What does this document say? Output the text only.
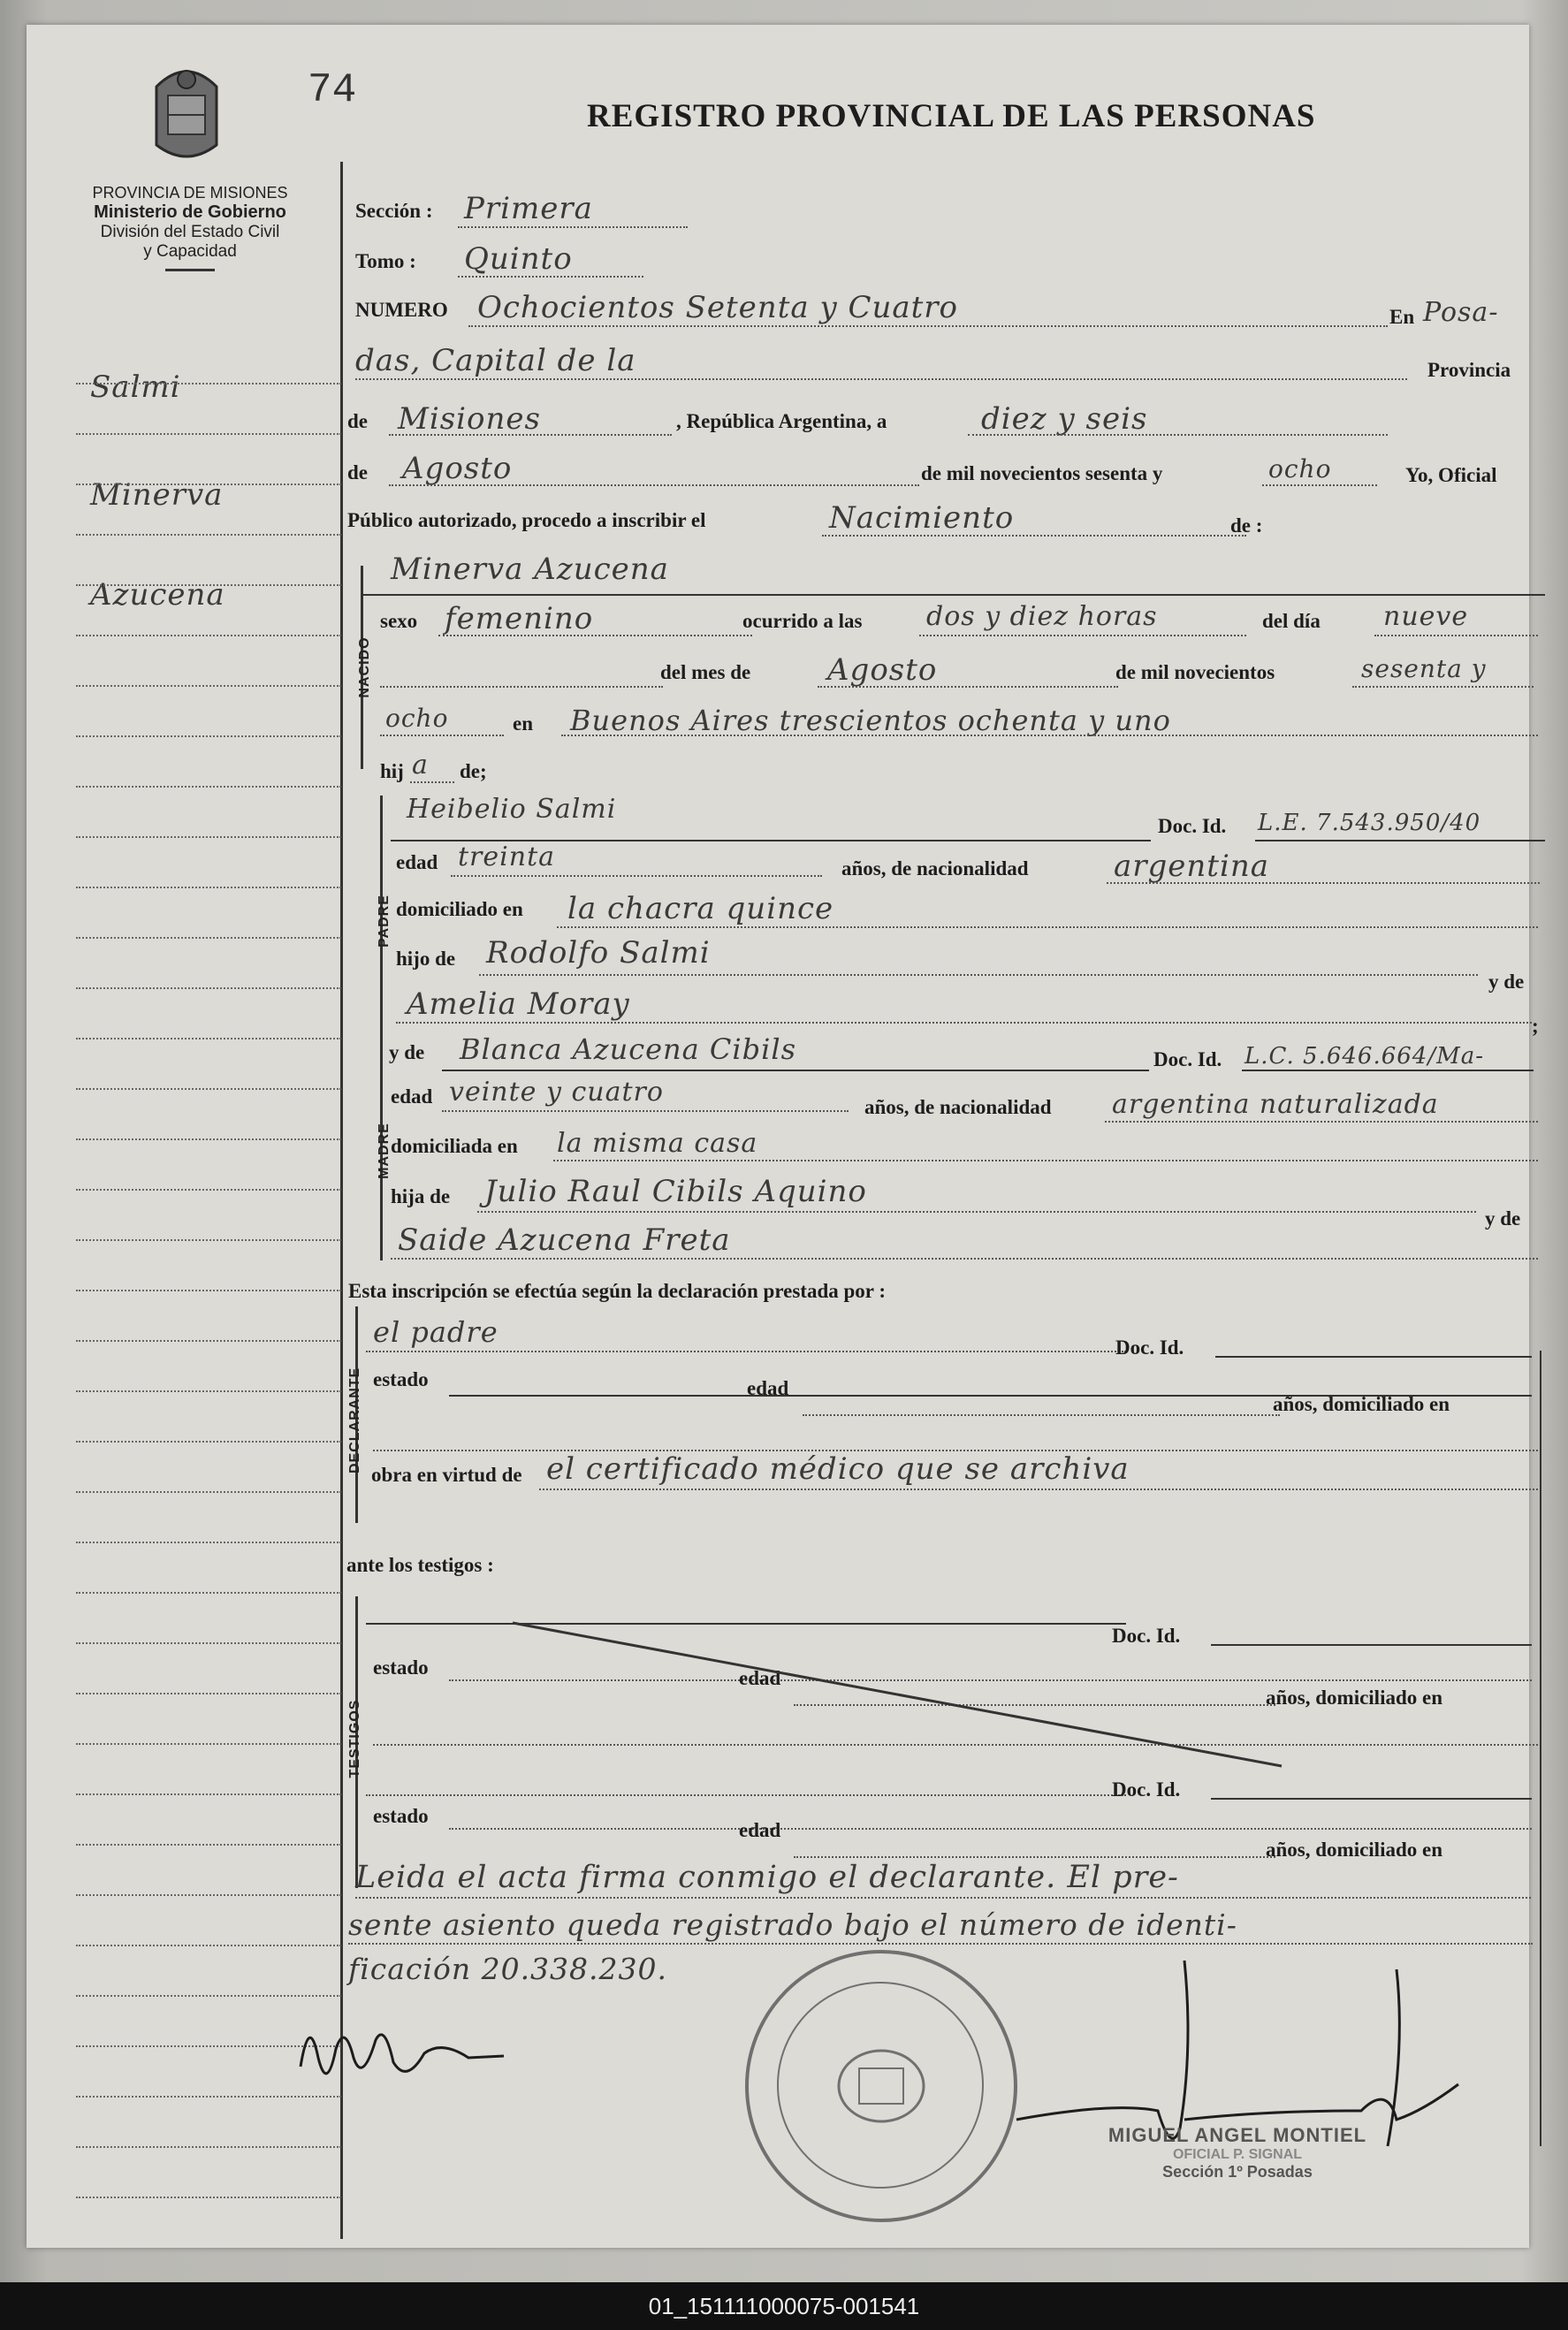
74
REGISTRO PROVINCIAL DE LAS PERSONAS
PROVINCIA DE MISIONES
Ministerio de Gobierno
División del Estado Civil
y Capacidad
Salmi
Minerva
Azucena
Sección : Primera
Tomo : Quinto
NUMERO Ochocientos Setenta y Cuatro	En Posa-
das, Capital de la	Provincia
de Misiones	, República Argentina, a	diez y seis
de Agosto	de mil novecientos sesenta y	ocho	Yo, Oficial
Público autorizado, procedo a inscribir el	Nacimiento	de :
Minerva Azucena
NACIDO
sexo femenino	ocurrido a las dos y diez horas	del día nueve
del mes de	Agosto	de mil novecientos	sesenta y
ocho	en Buenos Aires trescientos ochenta y uno
hij a de;
PADRE
Heibelio Salmi
Doc. Id. L.E. 7.543.950/40
edad treinta	años, de nacionalidad	argentina
domiciliado en la chacra quince
hijo de Rodolfo Salmi
y de
Amelia Moray
;
MADRE
y de Blanca Azucena Cibils	Doc. Id. L.C. 5.646.664/Ma-
edad veinte y cuatro	años, de nacionalidad argentina naturalizada
domiciliada en la misma casa
hija de Julio Raul Cibils Aquino
y de
Saide Azucena Freta
Esta inscripción se efectúa según la declaración prestada por :
DECLARANTE
el padre	Doc. Id.
estado	edad
años, domiciliado en
obra en virtud de el certificado médico que se archiva
ante los testigos :
TESTIGOS
Doc. Id.
estado	edad
años, domiciliado en
Doc. Id.
estado
edad
años, domiciliado en
Leida el acta firma conmigo el declarante. El pre-
sente asiento queda registrado bajo el número de identi-
ficación 20.338.230.
MIGUEL ANGEL MONTIEL
OFICIAL P. SIGNAL
Sección 1º Posadas
01_151111000075-001541
